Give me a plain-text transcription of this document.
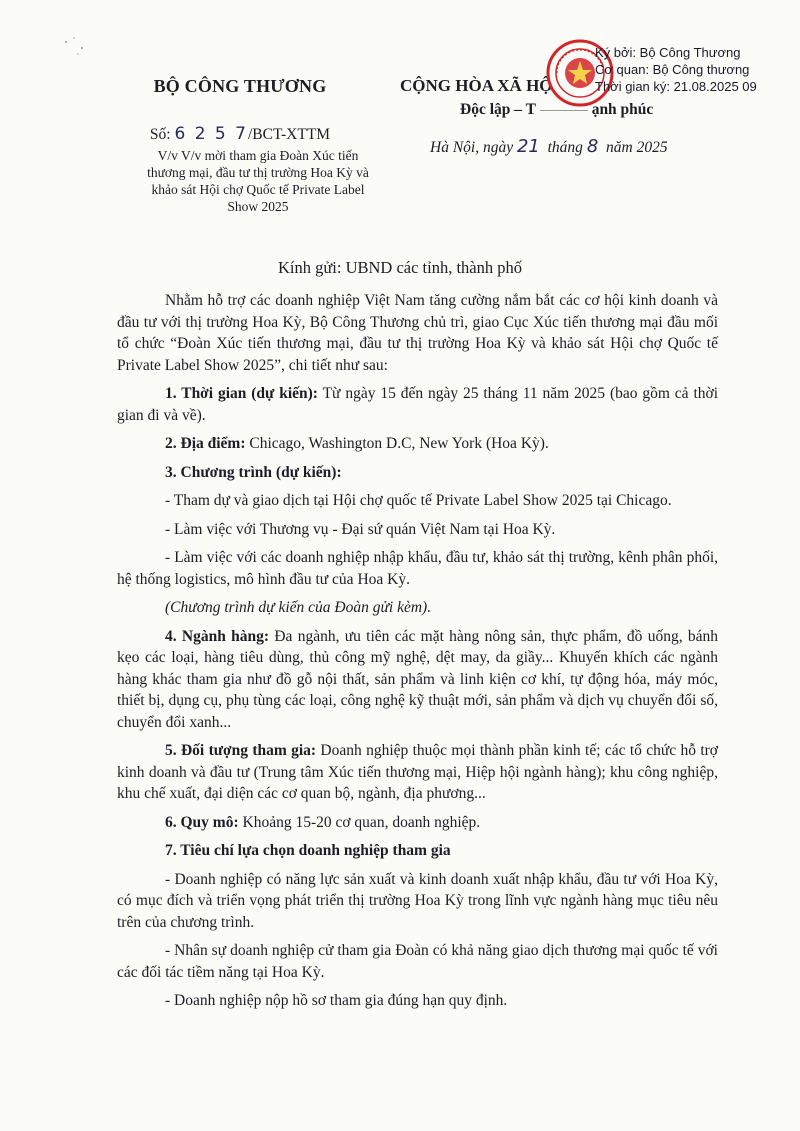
BỘ CÔNG THƯƠNG
Số: 6 2 5 7/BCT-XTTM
V/v V/v mời tham gia Đoàn Xúc tiến thương mại, đầu tư thị trường Hoa Kỳ và khảo sát Hội chợ Quốc tế Private Label Show 2025
CỘNG HÒA XÃ HỘ
Độc lập – T	ạnh phúc
Hà Nội, ngày 21 tháng 8 năm 2025
Ký bởi: Bộ Công Thương
Cơ quan: Bộ Công thương
Thời gian ký: 21.08.2025 09
Kính gửi: UBND các tỉnh, thành phố

Nhằm hỗ trợ các doanh nghiệp Việt Nam tăng cường nắm bắt các cơ hội kinh doanh và đầu tư với thị trường Hoa Kỳ, Bộ Công Thương chủ trì, giao Cục Xúc tiến thương mại đầu mối tổ chức “Đoàn Xúc tiến thương mại, đầu tư thị trường Hoa Kỳ và khảo sát Hội chợ Quốc tế Private Label Show 2025”, chi tiết như sau:

1. Thời gian (dự kiến): Từ ngày 15 đến ngày 25 tháng 11 năm 2025 (bao gồm cả thời gian đi và về).

2. Địa điểm: Chicago, Washington D.C, New York (Hoa Kỳ).

3. Chương trình (dự kiến):

- Tham dự và giao dịch tại Hội chợ quốc tế Private Label Show 2025 tại Chicago.

- Làm việc với Thương vụ - Đại sứ quán Việt Nam tại Hoa Kỳ.

- Làm việc với các doanh nghiệp nhập khẩu, đầu tư, khảo sát thị trường, kênh phân phối, hệ thống logistics, mô hình đầu tư của Hoa Kỳ.

(Chương trình dự kiến của Đoàn gửi kèm).

4. Ngành hàng: Đa ngành, ưu tiên các mặt hàng nông sản, thực phẩm, đồ uống, bánh kẹo các loại, hàng tiêu dùng, thủ công mỹ nghệ, dệt may, da giầy... Khuyến khích các ngành hàng khác tham gia như đồ gỗ nội thất, sản phẩm và linh kiện cơ khí, tự động hóa, máy móc, thiết bị, dụng cụ, phụ tùng các loại, công nghệ kỹ thuật mới, sản phẩm và dịch vụ chuyển đổi số, chuyển đổi xanh...

5. Đối tượng tham gia: Doanh nghiệp thuộc mọi thành phần kinh tế; các tổ chức hỗ trợ kinh doanh và đầu tư (Trung tâm Xúc tiến thương mại, Hiệp hội ngành hàng); khu công nghiệp, khu chế xuất, đại diện các cơ quan bộ, ngành, địa phương...

6. Quy mô: Khoảng 15-20 cơ quan, doanh nghiệp.

7. Tiêu chí lựa chọn doanh nghiệp tham gia

- Doanh nghiệp có năng lực sản xuất và kinh doanh xuất nhập khẩu, đầu tư với Hoa Kỳ, có mục đích và triển vọng phát triển thị trường Hoa Kỳ trong lĩnh vực ngành hàng mục tiêu nêu trên của chương trình.

- Nhân sự doanh nghiệp cử tham gia Đoàn có khả năng giao dịch thương mại quốc tế với các đối tác tiềm năng tại Hoa Kỳ.

- Doanh nghiệp nộp hồ sơ tham gia đúng hạn quy định.
